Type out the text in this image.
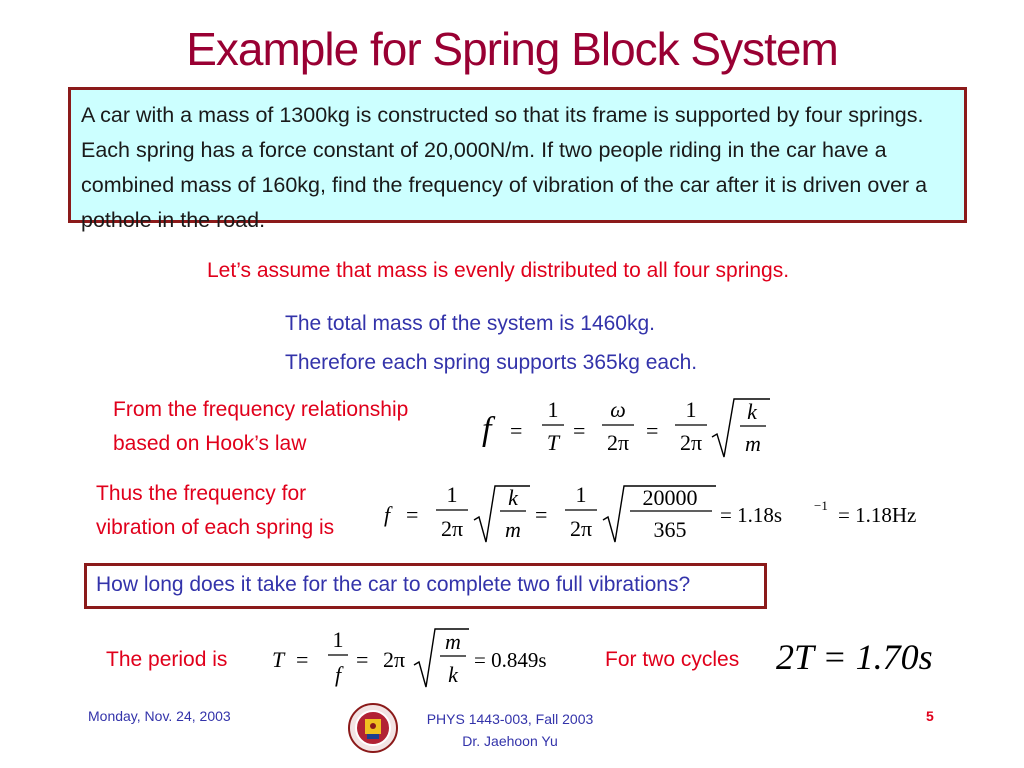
Example for Spring Block System
A car with a mass of 1300kg is constructed so that its frame is supported by four springs. Each spring has a force constant of 20,000N/m. If two people riding in the car have a combined mass of 160kg, find the frequency of vibration of the car after it is driven over a pothole in the road.
Let’s assume that mass is evenly distributed to all four springs.
The total mass of the system is 1460kg.
Therefore each spring supports 365kg each.
From the frequency relationship
based on Hook’s law	f =
1
T =
ω
2π =
1
2π
k
m
Thus the frequency for
vibration of each spring is
f =
1
2π
k
m
=
1
2π
20000
365
= 1.18s −1 = 1.18Hz
How long does it take for the car to complete two full vibrations?
The period is T =
1
f
= 2π
m
k
= 0.849s	For two cycles 2T = 1.70s
Monday, Nov. 24, 2003	PHYS 1443-003, Fall 2003
Dr. Jaehoon Yu
5
